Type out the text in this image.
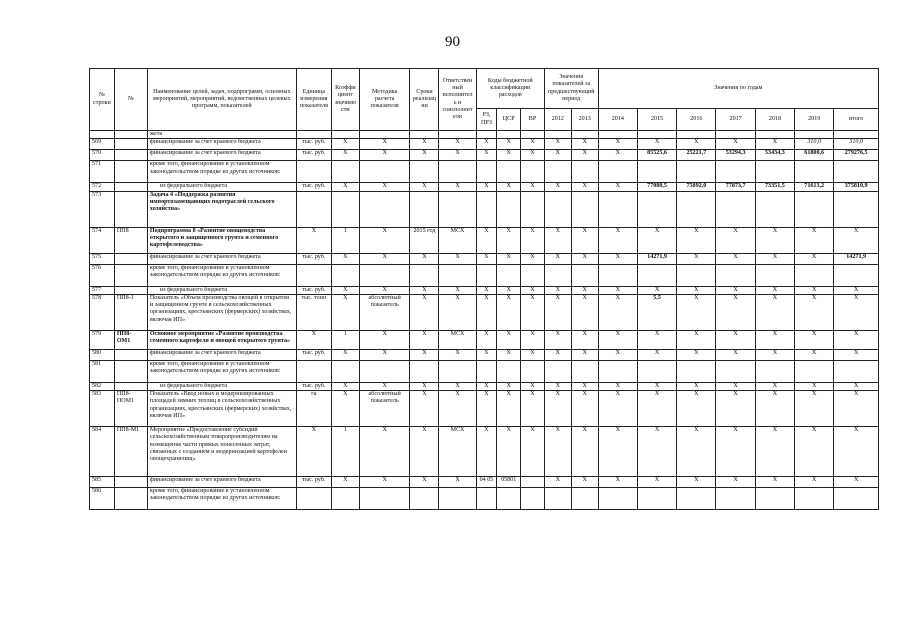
90
№ строки	№	Наименование целей, задач, подпрограмм, основных мероприятий, мероприятий, ведомственных целевых программ, показателей	Единица измерения показателя	Коэффициент значимости	Методика расчета показателя	Сроки реализации	Ответственный исполнитель и соисполнители	Коды бюджетной классификации расходов			Значения показателей за предшествующий период		Значения по годам						
								РЗ, ПРЗ	ЦСР	ВР	2012	2013	2014	2015	2016	2017	2018	2019	итого
		жета																	
569		финансирование за счет краевого бюджета	тыс. руб.	X	X	X	X	X	X	X	X	X	X	X	X	X	X	310,0	310,0
570		финансирование за счет краевого бюджета	тыс. руб.	X	X	X	X	X	X	X	X	X	X	85525,6	25221,7	53294,3	53434,3	61800,6	279276,5
571		кроме того, финансирование в установленном законодательством порядке из других источников:																	
572		из федерального бюджета	тыс. руб.	X	X	X	X	X	X	X	X	X	X	77080,5	75892,0	77873,7	73351,5	71613,2	375810,9
573		Задача 4 «Поддержка развития импортозамещающих подотраслей сельского хозяйства»																	
574	ПП8	Подпрограмма 8 «Развитие овощеводства открытого и защищенного грунта и семенного картофелеводства»	X	1	X	2015 год	МСХ	X	X	X	X	X	X	X	X	X	X	X	X
575		финансирование за счет краевого бюджета	тыс. руб.	X	X	X	X	X	X	X	X	X	X	14271,9	X	X	X	X	14271,9
576		кроме того, финансирование в установленном законодательством порядке из других источников:																	
577		из федерального бюджета	тыс. руб.	X	X	X	X	X	X	X	X	X	X	X	X	X	X	X	X
578	ПП8-1	Показатель «Объем производства овощей в открытом и защищенном грунте в сельскохозяйственных организациях, крестьянских (фермерских) хозяйствах, включая ИП»	тыс. тонн	X	абсолютный показатель	X	X	X	X	X	X	X	X	5,5	X	X	X	X	X
579	ПП8-ОМ1	Основное мероприятие «Развитие производства семенного картофеля и овощей открытого грунта»	X	1	X	X	МСХ	X	X	X	X	X	X	X	X	X	X	X	X
580		финансирование за счет краевого бюджета	тыс. руб.	X	X	X	X	X	X	X	X	X	X	X	X	X	X	X	X
581		кроме того, финансирование в установленном законодательством порядке из других источников:																	
582		из федерального бюджета	тыс. руб.	X	X	X	X	X	X	X	X	X	X	X	X	X	X	X	X
583	ПП8-ПОМ1	Показатель «Ввод новых и модернизированных площадей зимних теплиц в сельскохозяйственных организациях, крестьянских (фермерских) хозяйствах, включая ИП»	га	X	абсолютный показатель	X	X	X	X	X	X	X	X	X	X	X	X	X	X
584	ПП8-М1	Мероприятие «Предоставление субсидий сельскохозяйственным товаропроизводителям на возмещение части прямых понесенных затрат, связанных с созданием и модернизацией картофелеи овощехранилищ»	X	1	X	X	МСХ	X	X	X	X	X	X	X	X	X	X	X	X
585		финансирование за счет краевого бюджета	тыс. руб.	X	X	X	X	04 05	05801		X	X	X	X	X	X	X	X	X
586		кроме того, финансирование в установленном законодательством порядке из других источников:																	
